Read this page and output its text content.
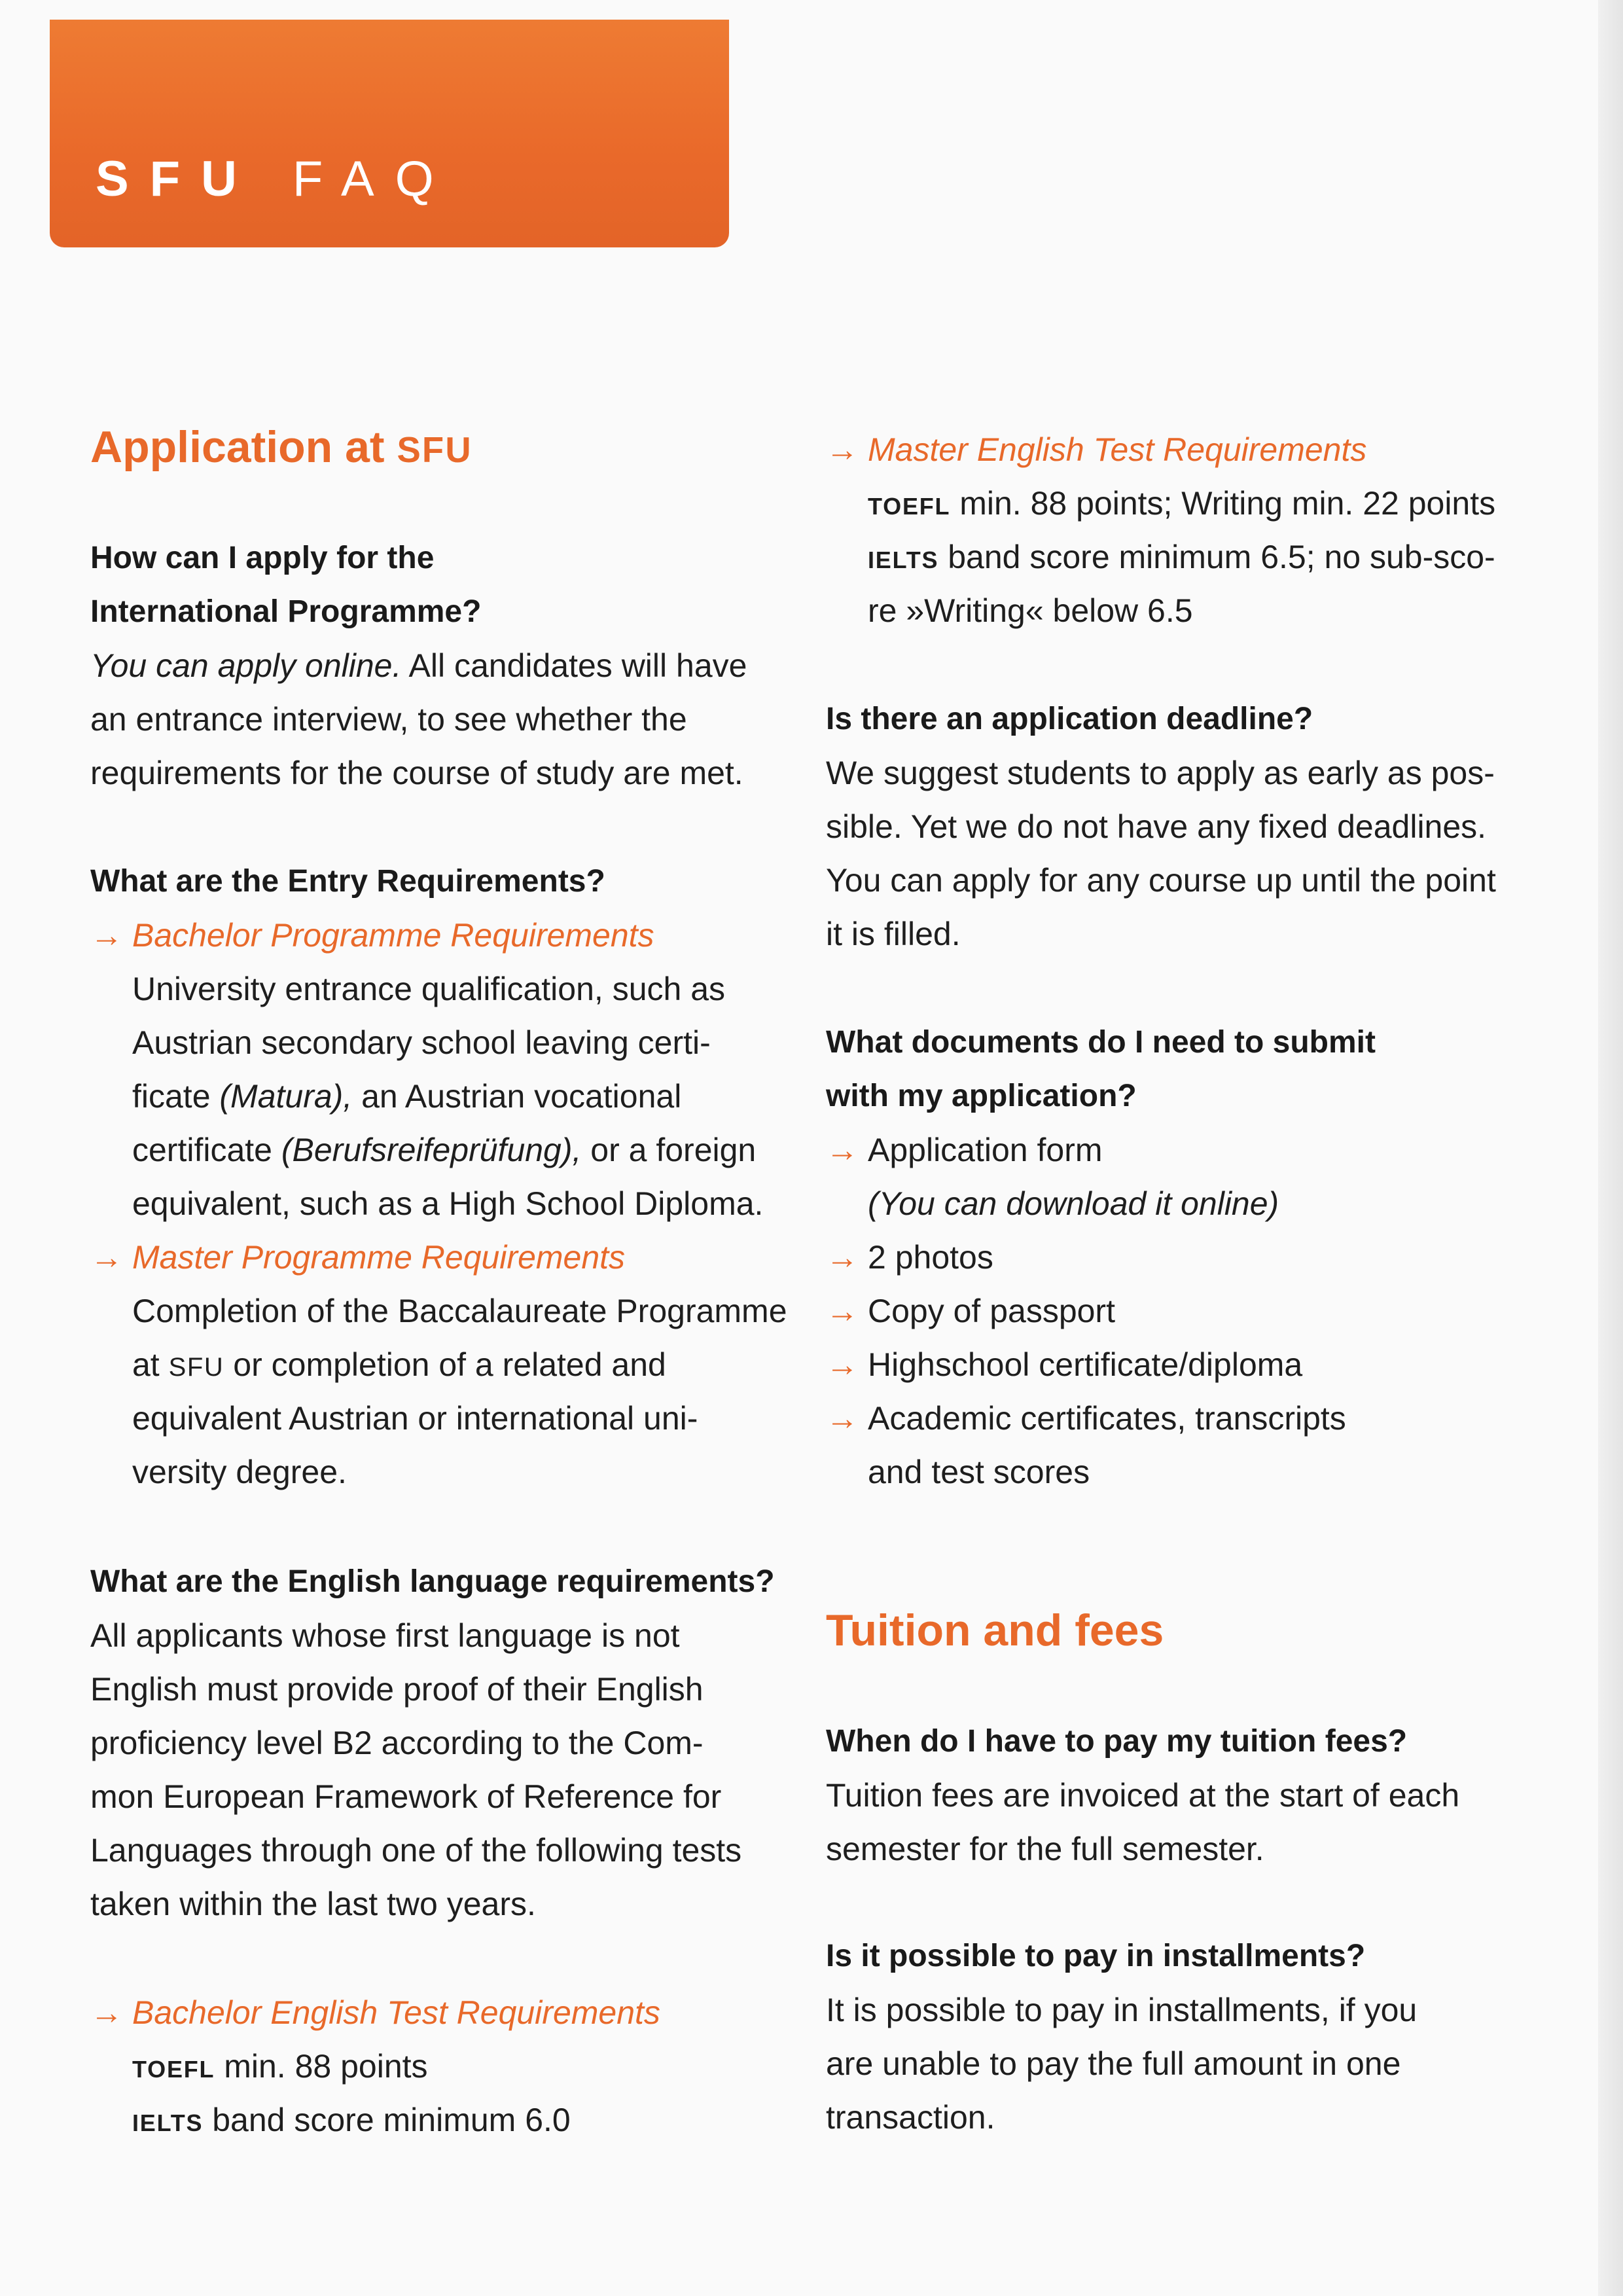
SFU FAQ
Application at SFU
How can I apply for the
International Programme?
You can apply online. All candidates will have
an entrance interview, to see whether the
requirements for the course of study are met.
What are the Entry Requirements?
→ Bachelor Programme Requirements
University entrance qualification, such as
Austrian secondary school leaving certi-
ficate (Matura), an Austrian vocational
certificate (Berufsreifeprüfung), or a foreign
equivalent, such as a High School Diploma.
→ Master Programme Requirements
Completion of the Baccalaureate Programme
at SFU or completion of a related and
equivalent Austrian or international uni-
versity degree.
What are the English language requirements?
All applicants whose first language is not
English must provide proof of their English
proficiency level B2 according to the Com-
mon European Framework of Reference for
Languages through one of the following tests
taken within the last two years.
→ Bachelor English Test Requirements
TOEFL min. 88 points
IELTS band score minimum 6.0
→ Master English Test Requirements
TOEFL min. 88 points; Writing min. 22 points
IELTS band score minimum 6.5; no sub-sco-
re »Writing« below 6.5
Is there an application deadline?
We suggest students to apply as early as pos-
sible. Yet we do not have any fixed deadlines.
You can apply for any course up until the point
it is filled.
What documents do I need to submit
with my application?
→ Application form
(You can download it online)
→ 2 photos
→ Copy of passport
→ Highschool certificate/diploma
→ Academic certificates, transcripts
and test scores
Tuition and fees
When do I have to pay my tuition fees?
Tuition fees are invoiced at the start of each
semester for the full semester.
Is it possible to pay in installments?
It is possible to pay in installments, if you
are unable to pay the full amount in one
transaction.
